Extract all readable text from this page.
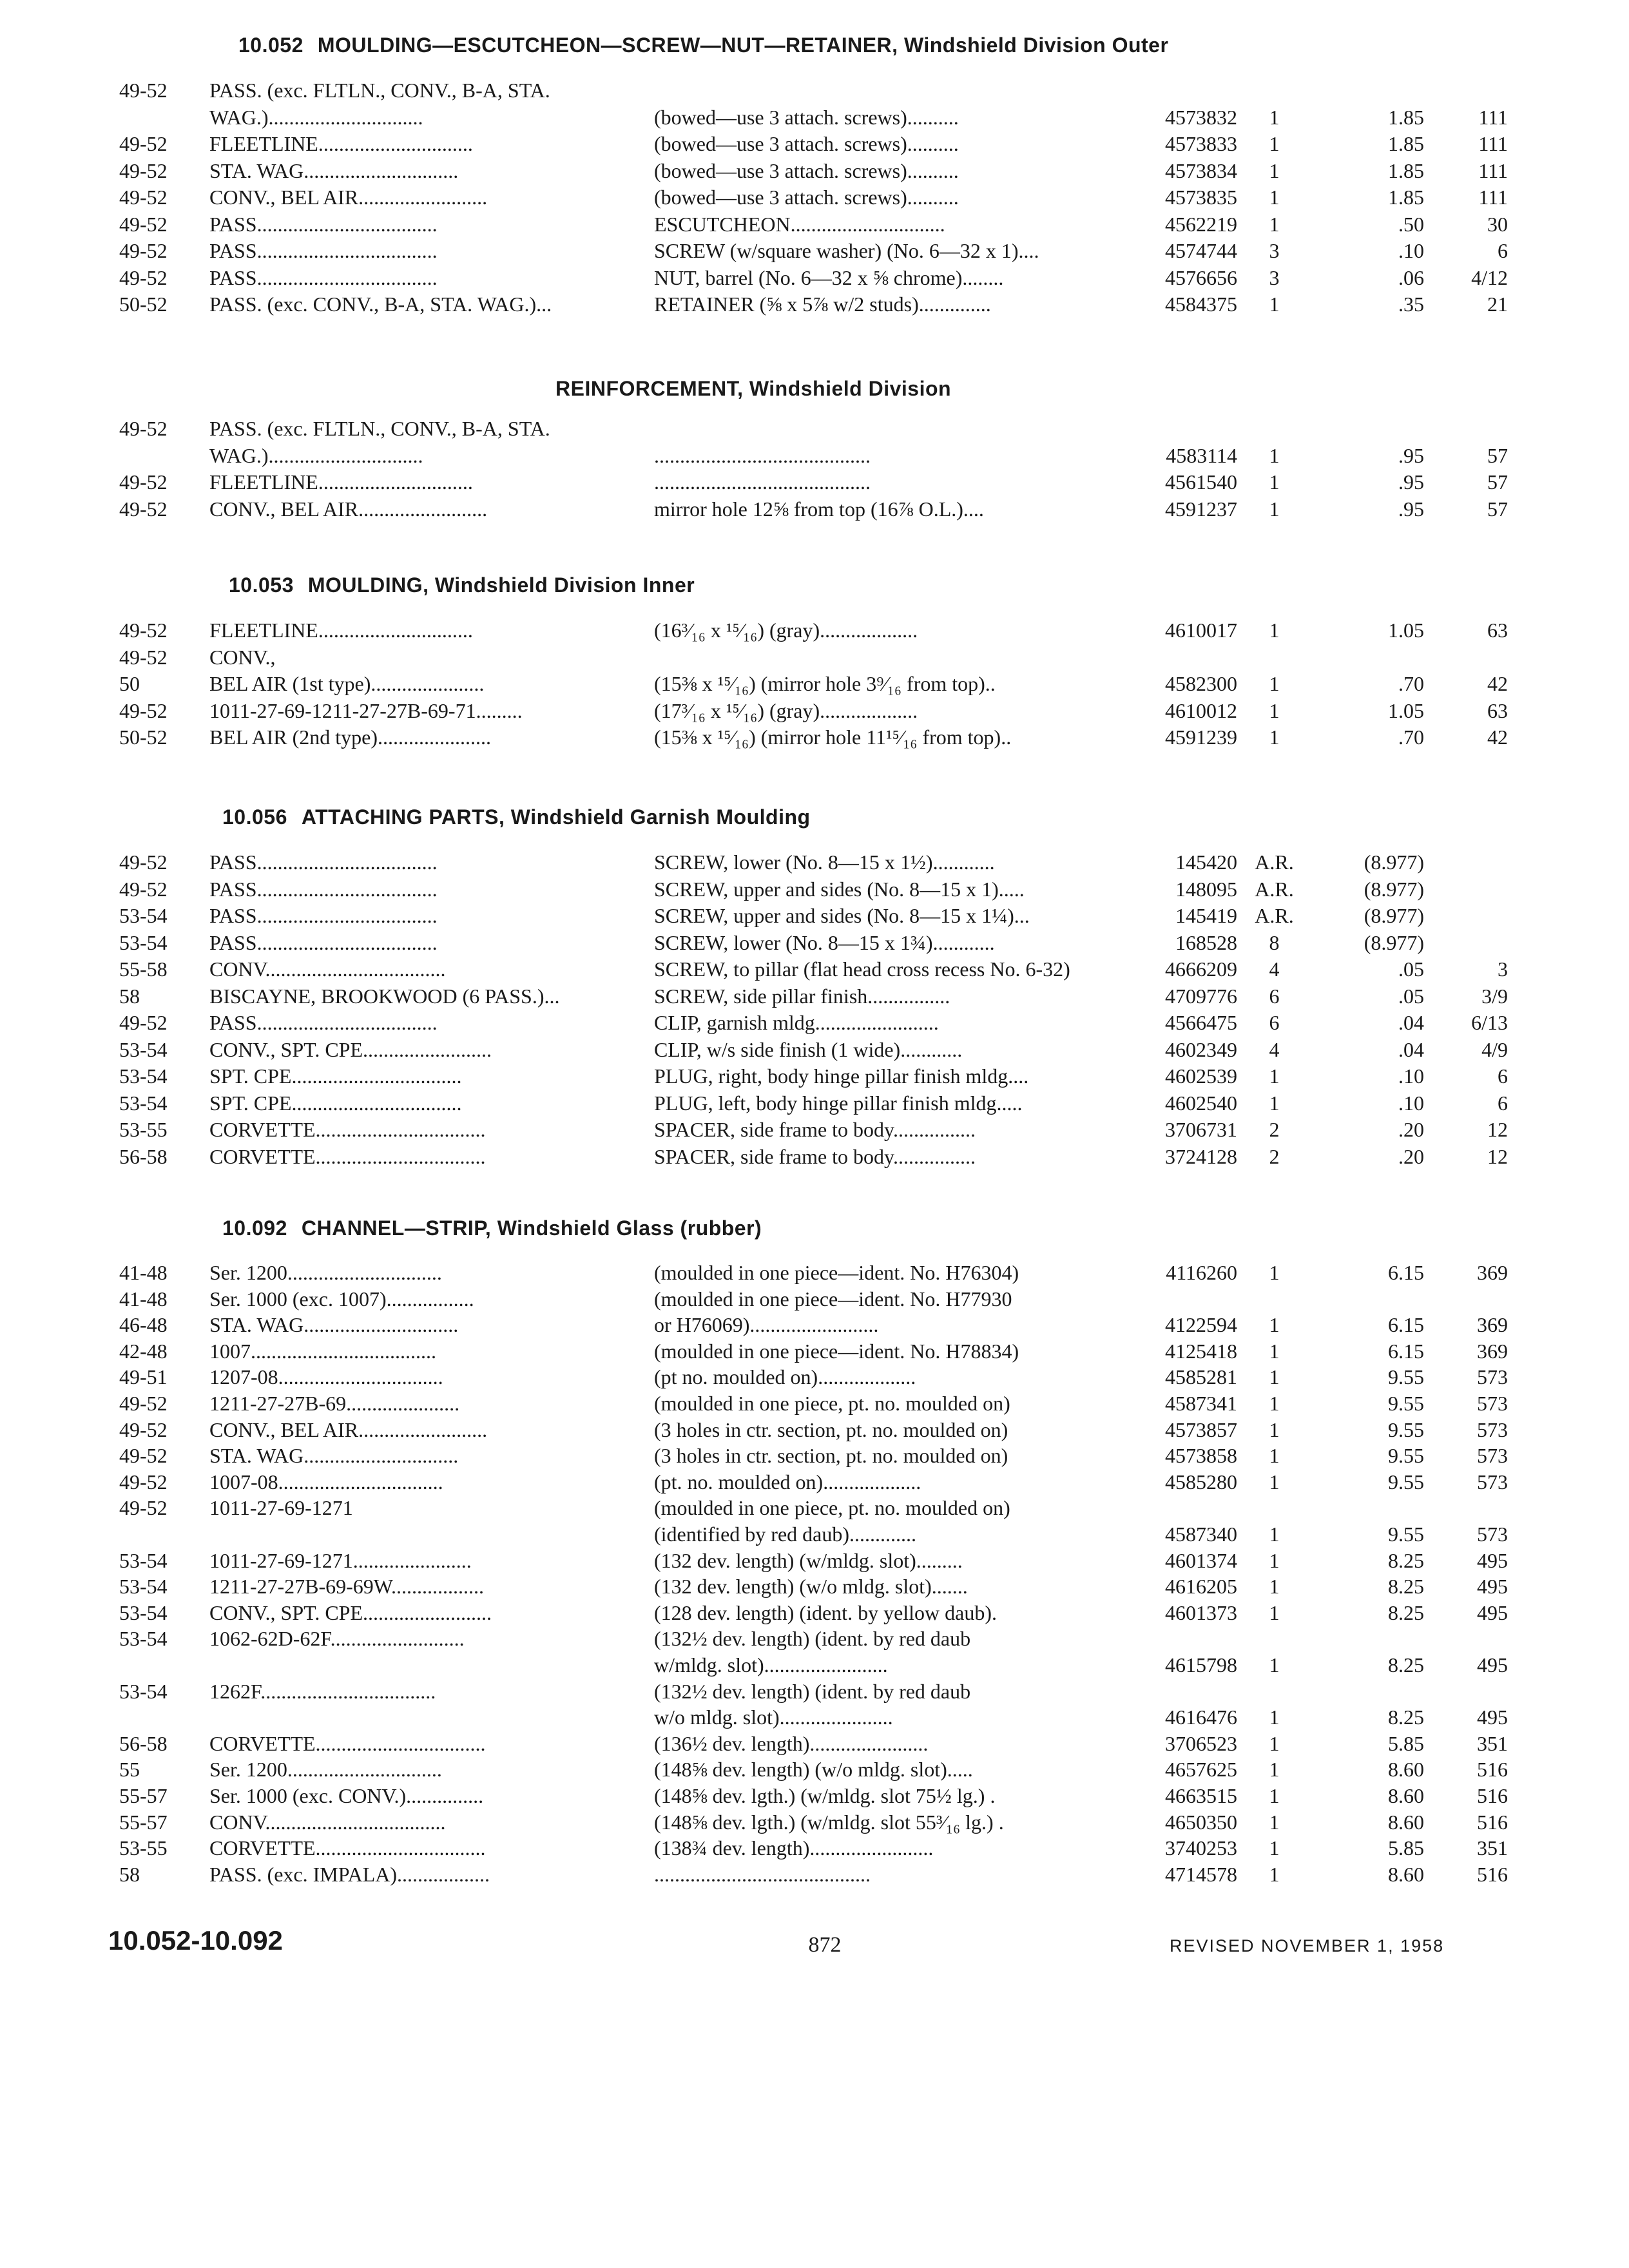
10.052 MOULDING—ESCUTCHEON—SCREW—NUT—RETAINER, Windshield Division Outer
49-52	PASS. (exc. FLTLN., CONV., B-A, STA.
WAG.)..............................	(bowed—use 3 attach. screws)..........	4573832	1	1.85	111
49-52	FLEETLINE..............................	(bowed—use 3 attach. screws)..........	4573833	1	1.85	111
49-52	STA. WAG..............................	(bowed—use 3 attach. screws)..........	4573834	1	1.85	111
49-52	CONV., BEL AIR.........................	(bowed—use 3 attach. screws)..........	4573835	1	1.85	111
49-52	PASS...................................	ESCUTCHEON..............................	4562219	1	.50	30
49-52	PASS...................................	SCREW (w/square washer) (No. 6—32 x 1)....	4574744	3	.10	6
49-52	PASS...................................	NUT, barrel (No. 6—32 x ⅝ chrome)........	4576656	3	.06	4/12
50-52	PASS. (exc. CONV., B-A, STA. WAG.)...	RETAINER (⅝ x 5⅞ w/2 studs)..............	4584375	1	.35	21
REINFORCEMENT, Windshield Division
49-52	PASS. (exc. FLTLN., CONV., B-A, STA.
WAG.)..............................	..........................................	4583114	1	.95	57
49-52	FLEETLINE..............................	..........................................	4561540	1	.95	57
49-52	CONV., BEL AIR.........................	mirror hole 12⅝ from top (16⅞ O.L.)....	4591237	1	.95	57
10.053 MOULDING, Windshield Division Inner
49-52	FLEETLINE..............................	(16³⁄₁₆ x ¹⁵⁄₁₆) (gray)...................	4610017	1	1.05	63
49-52	CONV.,
50	BEL AIR (1st type)......................	(15⅜ x ¹⁵⁄₁₆) (mirror hole 3⁹⁄₁₆ from top)..	4582300	1	.70	42
49-52	1011-27-69-1211-27-27B-69-71.........	(17³⁄₁₆ x ¹⁵⁄₁₆) (gray)...................	4610012	1	1.05	63
50-52	BEL AIR (2nd type)......................	(15⅜ x ¹⁵⁄₁₆) (mirror hole 11¹⁵⁄₁₆ from top)..	4591239	1	.70	42
10.056 ATTACHING PARTS, Windshield Garnish Moulding
49-52	PASS...................................	SCREW, lower (No. 8—15 x 1½)............	145420 A.R.	(8.977)
49-52	PASS...................................	SCREW, upper and sides (No. 8—15 x 1).....	148095 A.R.	(8.977)
53-54	PASS...................................	SCREW, upper and sides (No. 8—15 x 1¼)...	145419 A.R.	(8.977)
53-54	PASS...................................	SCREW, lower (No. 8—15 x 1¾)............	168528	8	(8.977)
55-58	CONV...................................	SCREW, to pillar (flat head cross recess No. 6-32)	4666209	4	.05	3
58	BISCAYNE, BROOKWOOD (6 PASS.)...	SCREW, side pillar finish................	4709776	6	.05	3/9
49-52	PASS...................................	CLIP, garnish mldg........................	4566475	6	.04	6/13
53-54	CONV., SPT. CPE.........................	CLIP, w/s side finish (1 wide)............	4602349	4	.04	4/9
53-54	SPT. CPE.................................	PLUG, right, body hinge pillar finish mldg....	4602539	1	.10	6
53-54	SPT. CPE.................................	PLUG, left, body hinge pillar finish mldg.....	4602540	1	.10	6
53-55	CORVETTE.................................	SPACER, side frame to body................	3706731	2	.20	12
56-58	CORVETTE.................................	SPACER, side frame to body................	3724128	2	.20	12
10.092 CHANNEL—STRIP, Windshield Glass (rubber)
41-48	Ser. 1200..............................	(moulded in one piece—ident. No. H76304)	4116260	1	6.15	369
41-48	Ser. 1000 (exc. 1007).................	(moulded in one piece—ident. No. H77930
46-48	STA. WAG..............................	or H76069).........................	4122594	1	6.15	369
42-48	1007....................................	(moulded in one piece—ident. No. H78834)	4125418	1	6.15	369
49-51	1207-08................................	(pt no. moulded on)...................	4585281	1	9.55	573
49-52	1211-27-27B-69......................	(moulded in one piece, pt. no. moulded on)	4587341	1	9.55	573
49-52	CONV., BEL AIR.........................	(3 holes in ctr. section, pt. no. moulded on)	4573857	1	9.55	573
49-52	STA. WAG..............................	(3 holes in ctr. section, pt. no. moulded on)	4573858	1	9.55	573
49-52	1007-08................................	(pt. no. moulded on)...................	4585280	1	9.55	573
49-52	1011-27-69-1271	(moulded in one piece, pt. no. moulded on)
(identified by red daub).............	4587340	1	9.55	573
53-54	1011-27-69-1271.......................	(132 dev. length) (w/mldg. slot).........	4601374	1	8.25	495
53-54	1211-27-27B-69-69W..................	(132 dev. length) (w/o mldg. slot).......	4616205	1	8.25	495
53-54	CONV., SPT. CPE.........................	(128 dev. length) (ident. by yellow daub).	4601373	1	8.25	495
53-54	1062-62D-62F..........................	(132½ dev. length) (ident. by red daub
w/mldg. slot)........................	4615798	1	8.25	495
53-54	1262F..................................	(132½ dev. length) (ident. by red daub
w/o mldg. slot)......................	4616476	1	8.25	495
56-58	CORVETTE.................................	(136½ dev. length).......................	3706523	1	5.85	351
55	Ser. 1200..............................	(148⅝ dev. length) (w/o mldg. slot).....	4657625	1	8.60	516
55-57	Ser. 1000 (exc. CONV.)...............	(148⅝ dev. lgth.) (w/mldg. slot 75½ lg.) .	4663515	1	8.60	516
55-57	CONV...................................	(148⅝ dev. lgth.) (w/mldg. slot 55³⁄₁₆ lg.) .	4650350	1	8.60	516
53-55	CORVETTE.................................	(138¾ dev. length)........................	3740253	1	5.85	351
58	PASS. (exc. IMPALA)..................	..........................................	4714578	1	8.60	516
10.052-10.092	872	REVISED NOVEMBER 1, 1958
